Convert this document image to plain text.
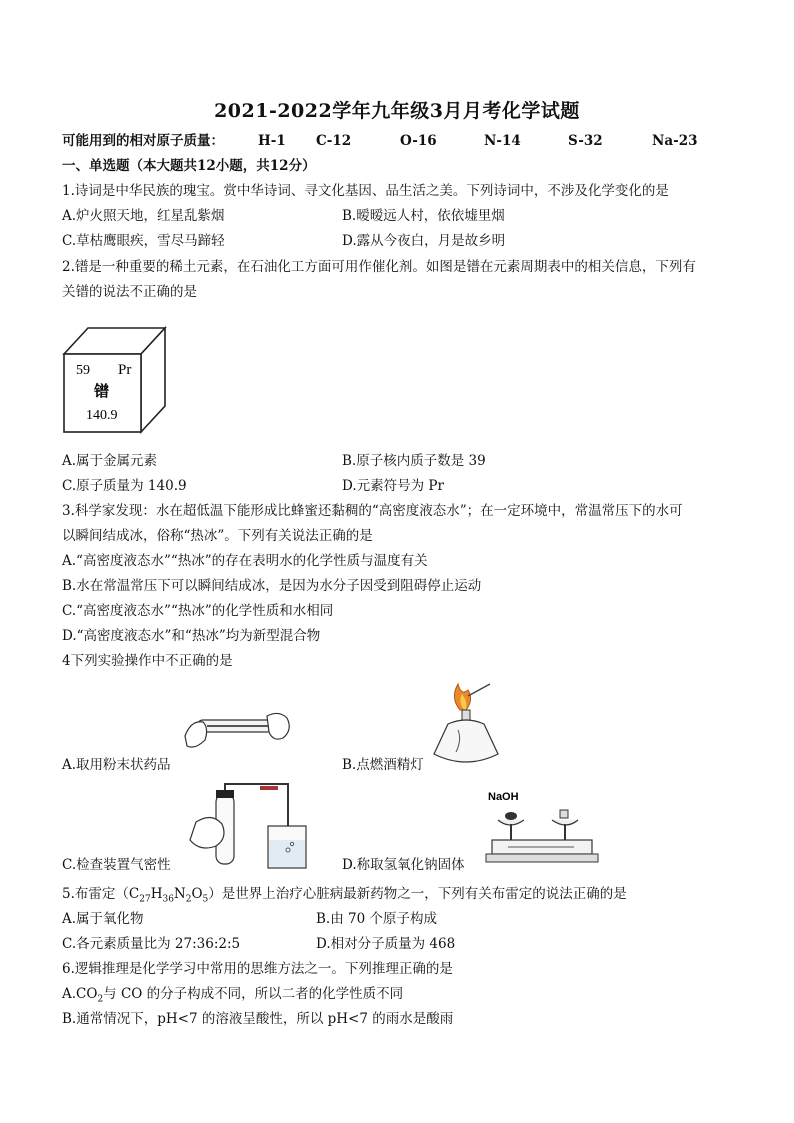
2021-2022学年九年级3月月考化学试题
可能用到的相对原子质量：	H-1 C-12	O-16	N-14	S-32	Na-23
一、单选题（本大题共12小题，共12分）
1.诗词是中华民族的瑰宝。赏中华诗词、寻文化基因、品生活之美。下列诗词中，不涉及化学变化的是
A.炉火照天地，红星乱紫烟	B.暧暧远人村，依依墟里烟
C.草枯鹰眼疾，雪尽马蹄轻	D.露从今夜白，月是故乡明
2.镨是一种重要的稀土元素，在石油化工方面可用作催化剂。如图是镨在元素周期表中的相关信息，下列有
关镨的说法不正确的是
59 Pr
镨
140.9
A.属于金属元素	B.原子核内质子数是 39
C.原子质量为 140.9	D.元素符号为 Pr
3.科学家发现：水在超低温下能形成比蜂蜜还黏稠的“高密度液态水”；在一定环境中，常温常压下的水可
以瞬间结成冰，俗称“热冰”。下列有关说法正确的是
A.“高密度液态水”“热冰”的存在表明水的化学性质与温度有关
B.水在常温常压下可以瞬间结成冰，是因为水分子因受到阻碍停止运动
C.“高密度液态水”“热冰”的化学性质和水相同
D.“高密度液态水”和“热冰”均为新型混合物
4下列实验操作中不正确的是
A.取用粉末状药品	B.点燃酒精灯
C.检查装置气密性
NaOH
D.称取氢氧化钠固体
5.布雷定$(C_{27}H_{36}N_2O_5)$是世界上治疗心脏病最新药物之一，下列有关布雷定的说法正确的是
A.属于氧化物	B.由 70 个原子构成
C.各元素质量比为 27:36:2:5	D.相对分子质量为 468
6.逻辑推理是化学学习中常用的思维方法之一。下列推理正确的是
$A.CO_2$与 CO 的分子构成不同，所以二者的化学性质不同
B.通常情况下，pH<7 的溶液呈酸性，所以 pH<7 的雨水是酸雨
